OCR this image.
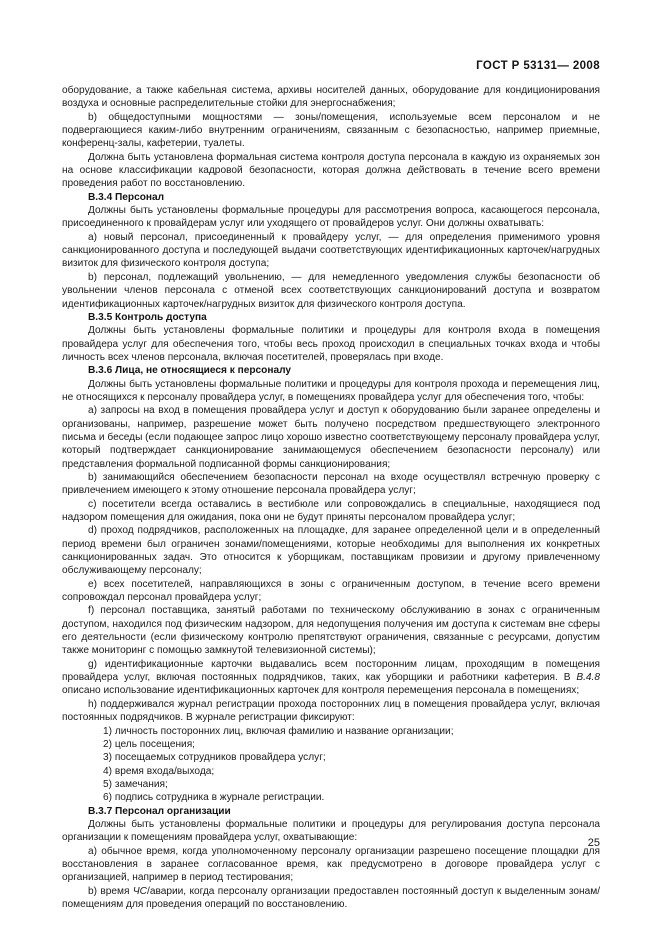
ГОСТ Р 53131— 2008

оборудование, а также кабельная система, архивы носителей данных, оборудование для кондиционирования воздуха и основные распределительные стойки для энергоснабжения;

b) общедоступными мощностями — зоны/помещения, используемые всем персоналом и не подвергающиеся каким-либо внутренним ограничениям, связанным с безопасностью, например приемные, конференц-залы, кафетерии, туалеты.

Должна быть установлена формальная система контроля доступа персонала в каждую из охраняемых зон на основе классификации кадровой безопасности, которая должна действовать в течение всего времени проведения работ по восстановлению.

В.3.4 Персонал

Должны быть установлены формальные процедуры для рассмотрения вопроса, касающегося персонала, присоединенного к провайдерам услуг или уходящего от провайдеров услуг. Они должны охватывать:

a) новый персонал, присоединенный к провайдеру услуг, — для определения применимого уровня санкционированного доступа и последующей выдачи соответствующих идентификационных карточек/нагрудных визиток для физического контроля доступа;

b) персонал, подлежащий увольнению, — для немедленного уведомления службы безопасности об увольнении членов персонала с отменой всех соответствующих санкционирований доступа и возвратом идентификационных карточек/нагрудных визиток для физического контроля доступа.

В.3.5 Контроль доступа

Должны быть установлены формальные политики и процедуры для контроля входа в помещения провайдера услуг для обеспечения того, чтобы весь проход происходил в специальных точках входа и чтобы личность всех членов персонала, включая посетителей, проверялась при входе.

В.3.6 Лица, не относящиеся к персоналу

Должны быть установлены формальные политики и процедуры для контроля прохода и перемещения лиц, не относящихся к персоналу провайдера услуг, в помещениях провайдера услуг для обеспечения того, чтобы:

a) запросы на вход в помещения провайдера услуг и доступ к оборудованию были заранее определены и организованы, например, разрешение может быть получено посредством предшествующего электронного письма и беседы (если подающее запрос лицо хорошо известно соответствующему персоналу провайдера услуг, который подтверждает санкционирование занимающемуся обеспечением безопасности персоналу) или представления формальной подписанной формы санкционирования;

b) занимающийся обеспечением безопасности персонал на входе осуществлял встречную проверку с привлечением имеющего к этому отношение персонала провайдера услуг;

c) посетители всегда оставались в вестибюле или сопровождались в специальные, находящиеся под надзором помещения для ожидания, пока они не будут приняты персоналом провайдера услуг;

d) проход подрядчиков, расположенных на площадке, для заранее определенной цели и в определенный период времени был ограничен зонами/помещениями, которые необходимы для выполнения их конкретных санкционированных задач. Это относится к уборщикам, поставщикам провизии и другому привлеченному обслуживающему персоналу;

e) всех посетителей, направляющихся в зоны с ограниченным доступом, в течение всего времени сопровождал персонал провайдера услуг;

f) персонал поставщика, занятый работами по техническому обслуживанию в зонах с ограниченным доступом, находился под физическим надзором, для недопущения получения им доступа к системам вне сферы его деятельности (если физическому контролю препятствуют ограничения, связанные с ресурсами, допустим также мониторинг с помощью замкнутой телевизионной системы);

g) идентификационные карточки выдавались всем посторонним лицам, проходящим в помещения провайдера услуг, включая постоянных подрядчиков, таких, как уборщики и работники кафетерия. В В.4.8 описано использование идентификационных карточек для контроля перемещения персонала в помещениях;

h) поддерживался журнал регистрации прохода посторонних лиц в помещения провайдера услуг, включая постоянных подрядчиков. В журнале регистрации фиксируют:

1) личность посторонних лиц, включая фамилию и название организации;

2) цель посещения;

3) посещаемых сотрудников провайдера услуг;

4) время входа/выхода;

5) замечания;

6) подпись сотрудника в журнале регистрации.

В.3.7 Персонал организации

Должны быть установлены формальные политики и процедуры для регулирования доступа персонала организации к помещениям провайдера услуг, охватывающие:

a) обычное время, когда уполномоченному персоналу организации разрешено посещение площадки для восстановления в заранее согласованное время, как предусмотрено в договоре провайдера услуг с организацией, например в период тестирования;

b) время ЧС/аварии, когда персоналу организации предоставлен постоянный доступ к выделенным зонам/помещениям для проведения операций по восстановлению.

25
